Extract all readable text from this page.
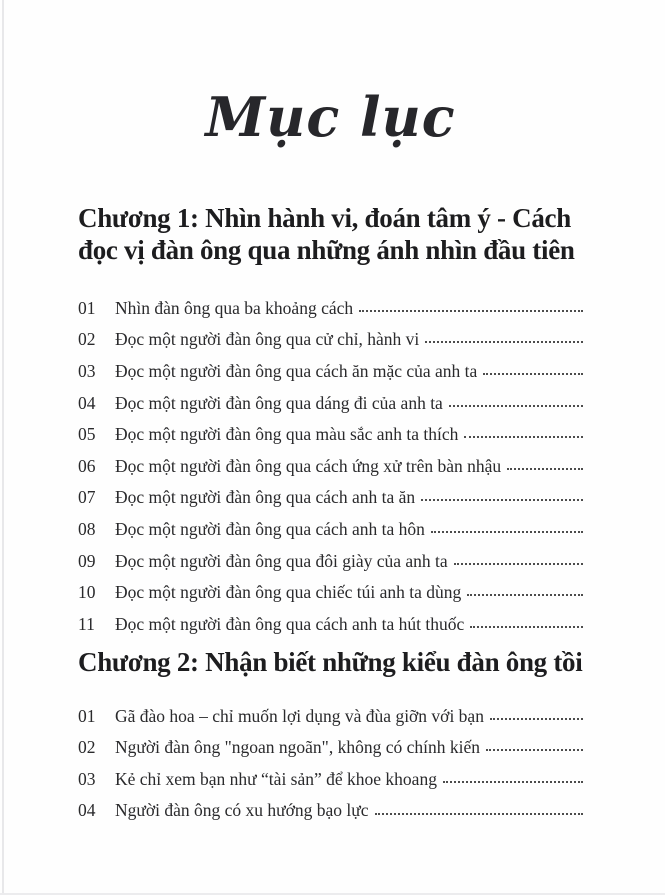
Mục lục
Chương 1: Nhìn hành vi, đoán tâm ý - Cách đọc vị đàn ông qua những ánh nhìn đầu tiên
01	Nhìn đàn ông qua ba khoảng cách
02	Đọc một người đàn ông qua cử chỉ, hành vi
03	Đọc một người đàn ông qua cách ăn mặc của anh ta
04	Đọc một người đàn ông qua dáng đi của anh ta
05	Đọc một người đàn ông qua màu sắc anh ta thích
06	Đọc một người đàn ông qua cách ứng xử trên bàn nhậu
07	Đọc một người đàn ông qua cách anh ta ăn
08	Đọc một người đàn ông qua cách anh ta hôn
09	Đọc một người đàn ông qua đôi giày của anh ta
10	Đọc một người đàn ông qua chiếc túi anh ta dùng
11	Đọc một người đàn ông qua cách anh ta hút thuốc
Chương 2: Nhận biết những kiểu đàn ông tồi
01	Gã đào hoa – chỉ muốn lợi dụng và đùa giỡn với bạn
02	Người đàn ông "ngoan ngoãn", không có chính kiến
03	Kẻ chỉ xem bạn như “tài sản” để khoe khoang
04	Người đàn ông có xu hướng bạo lực
